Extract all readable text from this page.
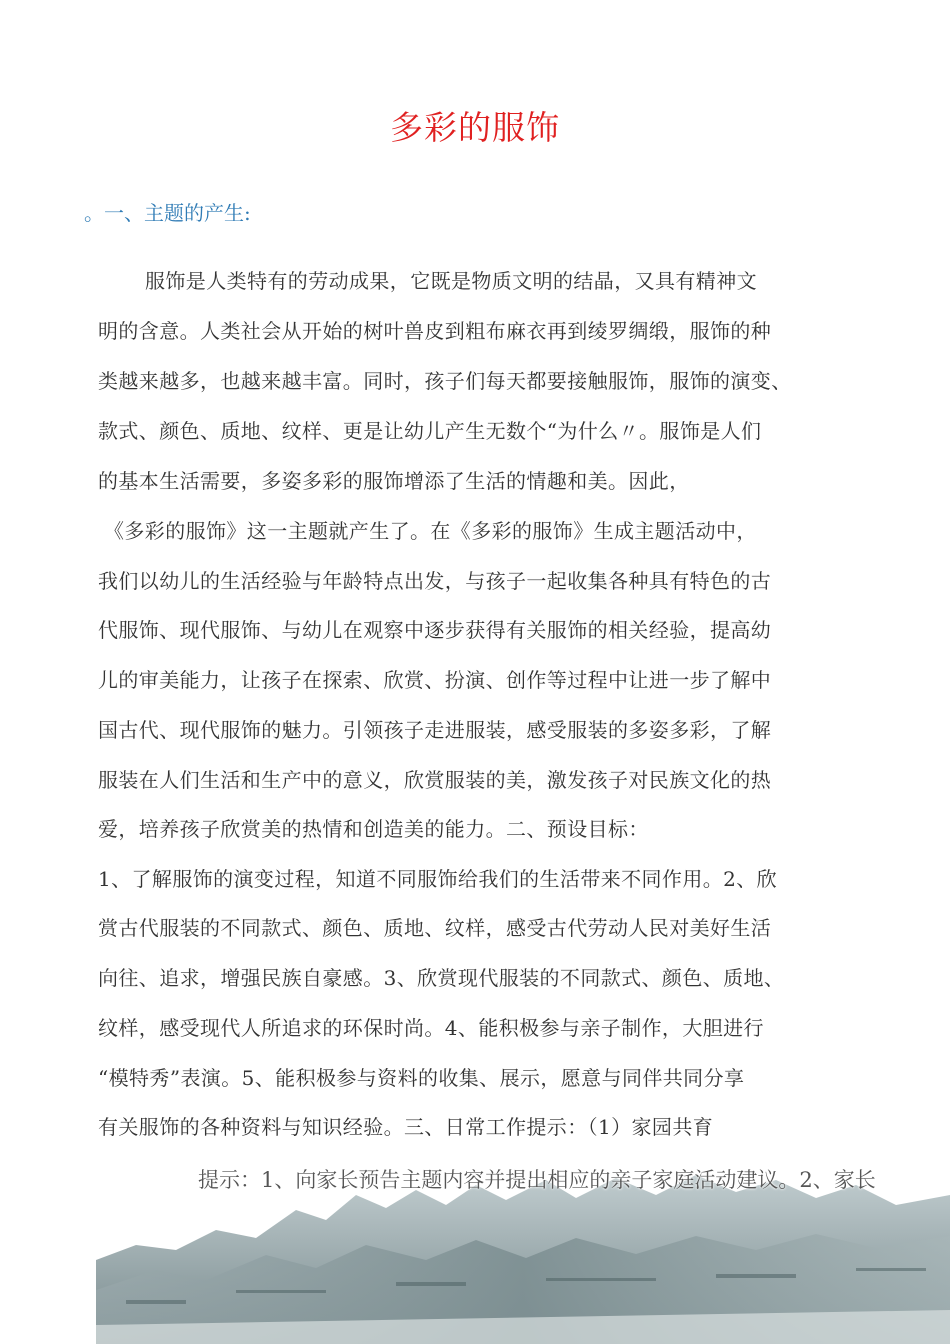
多彩的服饰
。一、主题的产生:
服饰是人类特有的劳动成果，它既是物质文明的结晶，又具有精神文
明的含意。人类社会从开始的树叶兽皮到粗布麻衣再到绫罗绸缎，服饰的种
类越来越多，也越来越丰富。同时，孩子们每天都要接触服饰，服饰的演变、
款式、颜色、质地、纹样、更是让幼儿产生无数个“为什么〃。服饰是人们
的基本生活需要，多姿多彩的服饰增添了生活的情趣和美。因此，
《多彩的服饰》这一主题就产生了。在《多彩的服饰》生成主题活动中，
我们以幼儿的生活经验与年龄特点出发，与孩子一起收集各种具有特色的古
代服饰、现代服饰、与幼儿在观察中逐步获得有关服饰的相关经验，提高幼
儿的审美能力，让孩子在探索、欣赏、扮演、创作等过程中让进一步了解中
国古代、现代服饰的魅力。引领孩子走进服装，感受服装的多姿多彩，了解
服装在人们生活和生产中的意义，欣赏服装的美，激发孩子对民族文化的热
爱，培养孩子欣赏美的热情和创造美的能力。二、预设目标：
1、了解服饰的演变过程，知道不同服饰给我们的生活带来不同作用。2、欣
赏古代服装的不同款式、颜色、质地、纹样，感受古代劳动人民对美好生活
向往、追求，增强民族自豪感。3、欣赏现代服装的不同款式、颜色、质地、
纹样，感受现代人所追求的环保时尚。4、能积极参与亲子制作，大胆进行
“模特秀”表演。5、能积极参与资料的收集、展示，愿意与同伴共同分享
有关服饰的各种资料与知识经验。三、日常工作提示：（1）家园共育
提示：1、向家长预告主题内容并提出相应的亲子家庭活动建议。2、家长
